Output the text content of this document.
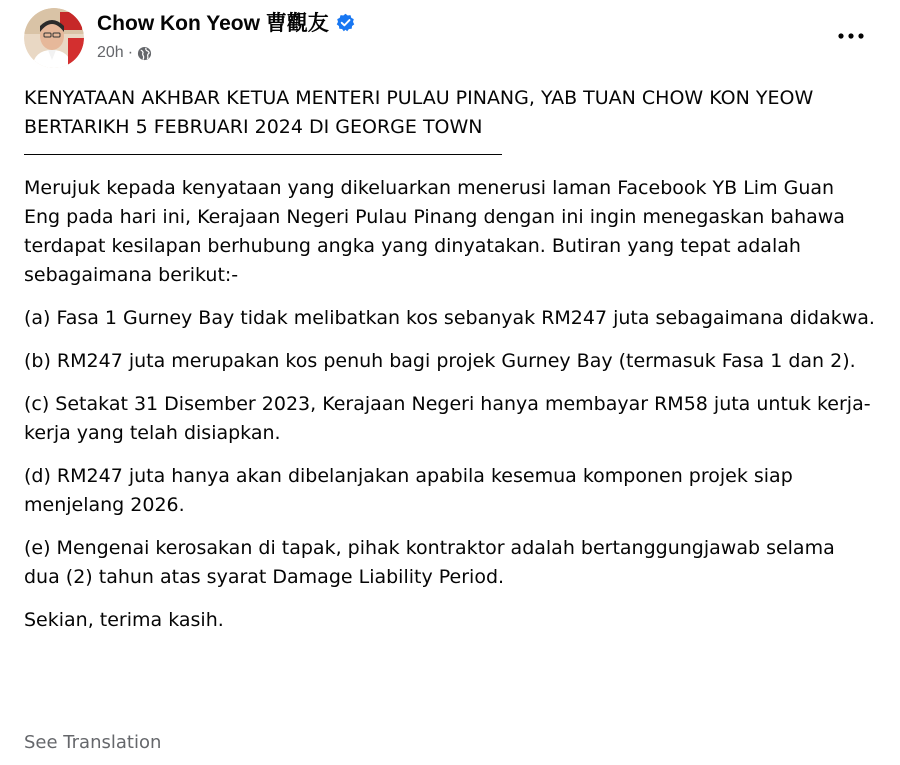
Chow Kon Yeow 曹觀友
20h ·

KENYATAAN AKHBAR KETUA MENTERI PULAU PINANG, YAB TUAN CHOW KON YEOW BERTARIKH 5 FEBRUARI 2024 DI GEORGE TOWN

Merujuk kepada kenyataan yang dikeluarkan menerusi laman Facebook YB Lim Guan Eng pada hari ini, Kerajaan Negeri Pulau Pinang dengan ini ingin menegaskan bahawa terdapat kesilapan berhubung angka yang dinyatakan. Butiran yang tepat adalah sebagaimana berikut:-

(a) Fasa 1 Gurney Bay tidak melibatkan kos sebanyak RM247 juta sebagaimana didakwa.

(b) RM247 juta merupakan kos penuh bagi projek Gurney Bay (termasuk Fasa 1 dan 2).

(c) Setakat 31 Disember 2023, Kerajaan Negeri hanya membayar RM58 juta untuk kerja-kerja yang telah disiapkan.

(d) RM247 juta hanya akan dibelanjakan apabila kesemua komponen projek siap menjelang 2026.

(e) Mengenai kerosakan di tapak, pihak kontraktor adalah bertanggungjawab selama dua (2) tahun atas syarat Damage Liability Period.

Sekian, terima kasih.

See Translation
